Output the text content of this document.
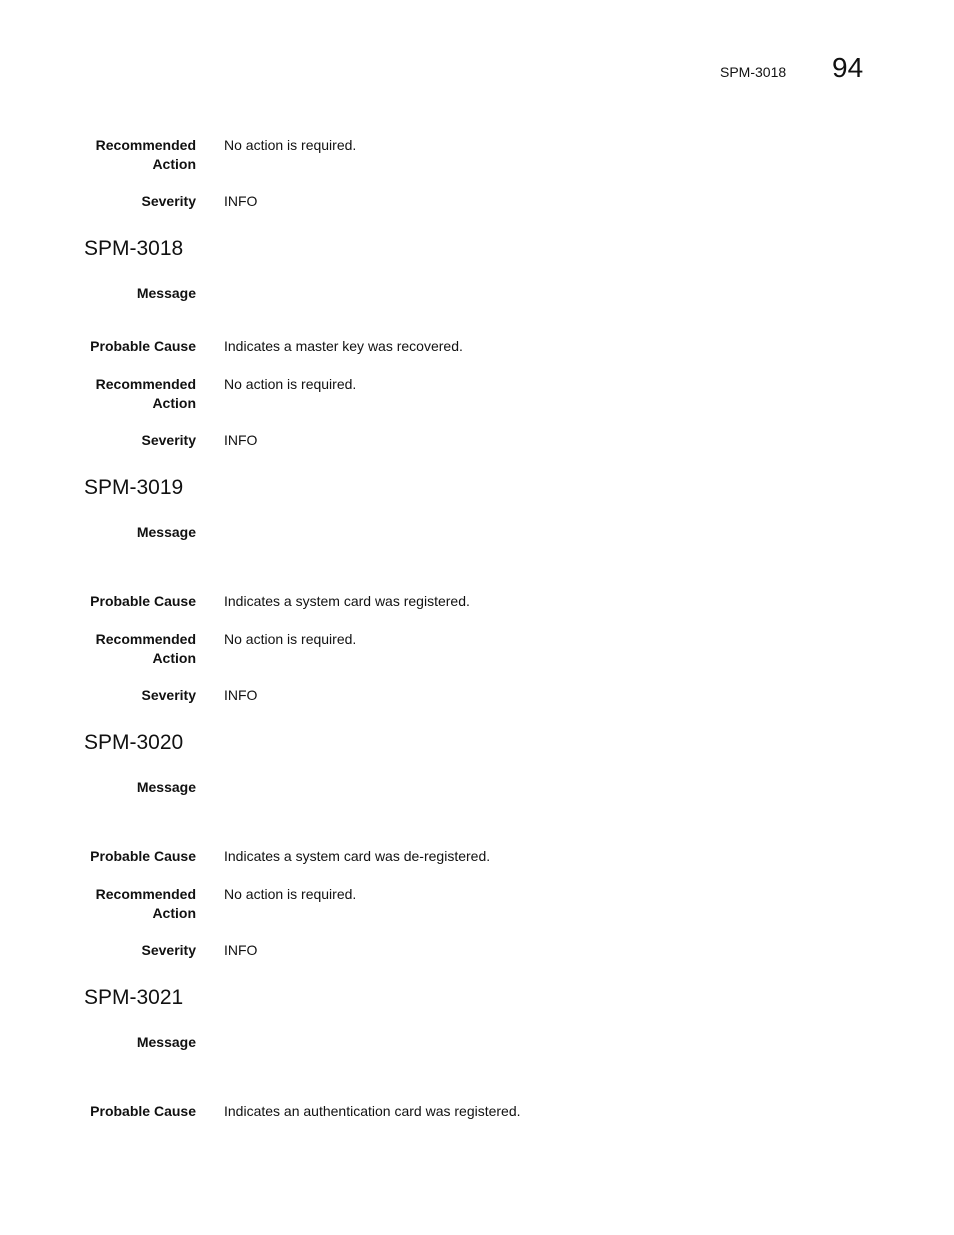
SPM-3018 94
Recommended
Action
No action is required.
Severity INFO
SPM-3018
Message
Probable Cause Indicates a master key was recovered.
Recommended
Action
No action is required.
Severity INFO
SPM-3019
Message
Probable Cause Indicates a system card was registered.
Recommended
Action
No action is required.
Severity INFO
SPM-3020
Message
Probable Cause Indicates a system card was de-registered.
Recommended
Action
No action is required.
Severity INFO
SPM-3021
Message
Probable Cause Indicates an authentication card was registered.
